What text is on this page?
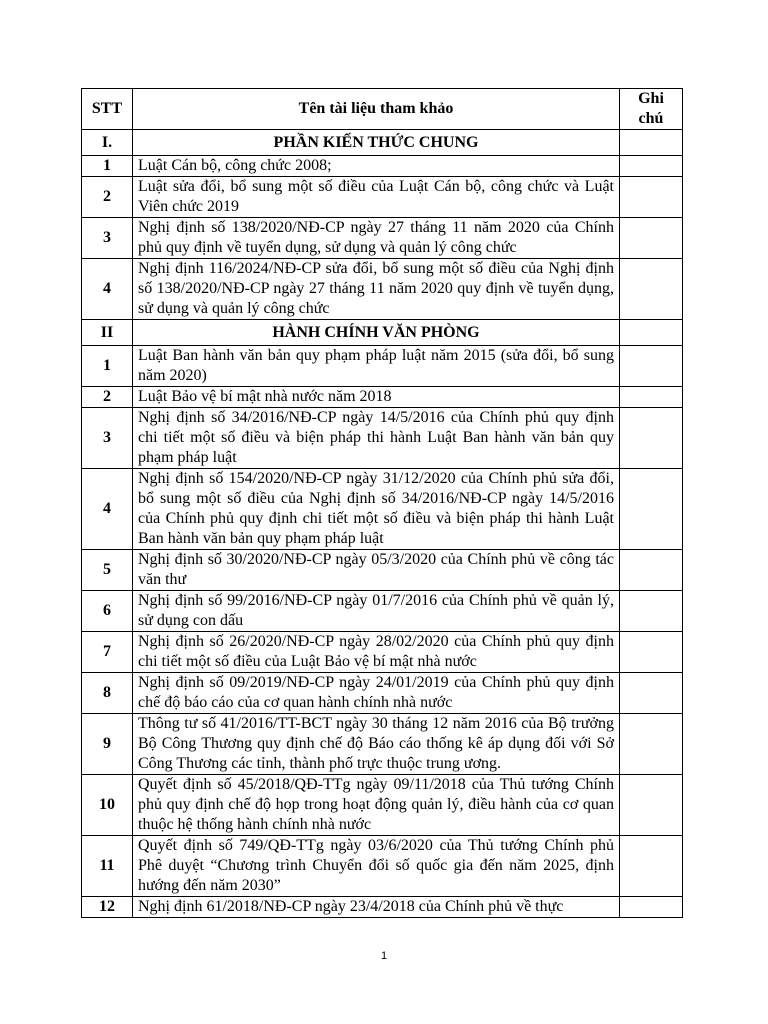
STT	Tên tài liệu tham khảo	Ghi chú
I.	PHẦN KIẾN THỨC CHUNG	
1	Luật Cán bộ, công chức 2008;	
2	Luật sửa đổi, bổ sung một số điều của Luật Cán bộ, công chức và Luật Viên chức 2019	
3	Nghị định số 138/2020/NĐ-CP ngày 27 tháng 11 năm 2020 của Chính phủ quy định về tuyển dụng, sử dụng và quản lý công chức	
4	Nghị định 116/2024/NĐ-CP sửa đổi, bổ sung một số điều của Nghị định số 138/2020/NĐ-CP ngày 27 tháng 11 năm 2020 quy định về tuyển dụng, sử dụng và quản lý công chức	
II	HÀNH CHÍNH VĂN PHÒNG	
1	Luật Ban hành văn bản quy phạm pháp luật năm 2015 (sửa đổi, bổ sung năm 2020)	
2	Luật Bảo vệ bí mật nhà nước năm 2018	
3	Nghị định số 34/2016/NĐ-CP ngày 14/5/2016 của Chính phủ quy định chi tiết một số điều và biện pháp thi hành Luật Ban hành văn bản quy phạm pháp luật	
4	Nghị định số 154/2020/NĐ-CP ngày 31/12/2020 của Chính phủ sửa đổi, bổ sung một số điều của Nghị định số 34/2016/NĐ-CP ngày 14/5/2016 của Chính phủ quy định chi tiết một số điều và biện pháp thi hành Luật Ban hành văn bản quy phạm pháp luật	
5	Nghị định số 30/2020/NĐ-CP ngày 05/3/2020 của Chính phủ về công tác văn thư	
6	Nghị định số 99/2016/NĐ-CP ngày 01/7/2016 của Chính phủ về quản lý, sử dụng con dấu	
7	Nghị định số 26/2020/NĐ-CP ngày 28/02/2020 của Chính phủ quy định chi tiết một số điều của Luật Bảo vệ bí mật nhà nước	
8	Nghị định số 09/2019/NĐ-CP ngày 24/01/2019 của Chính phủ quy định chế độ báo cáo của cơ quan hành chính nhà nước	
9	Thông tư số 41/2016/TT-BCT ngày 30 tháng 12 năm 2016 của Bộ trưởng Bộ Công Thương quy định chế độ Báo cáo thống kê áp dụng đối với Sở Công Thương các tỉnh, thành phố trực thuộc trung ương.	
10	Quyết định số 45/2018/QĐ-TTg ngày 09/11/2018 của Thủ tướng Chính phủ quy định chế độ họp trong hoạt động quản lý, điều hành của cơ quan thuộc hệ thống hành chính nhà nước	
11	Quyết định số 749/QĐ-TTg ngày 03/6/2020 của Thủ tướng Chính phủ Phê duyệt “Chương trình Chuyển đổi số quốc gia đến năm 2025, định hướng đến năm 2030”	
12	Nghị định 61/2018/NĐ-CP ngày 23/4/2018 của Chính phủ về thực	
1
